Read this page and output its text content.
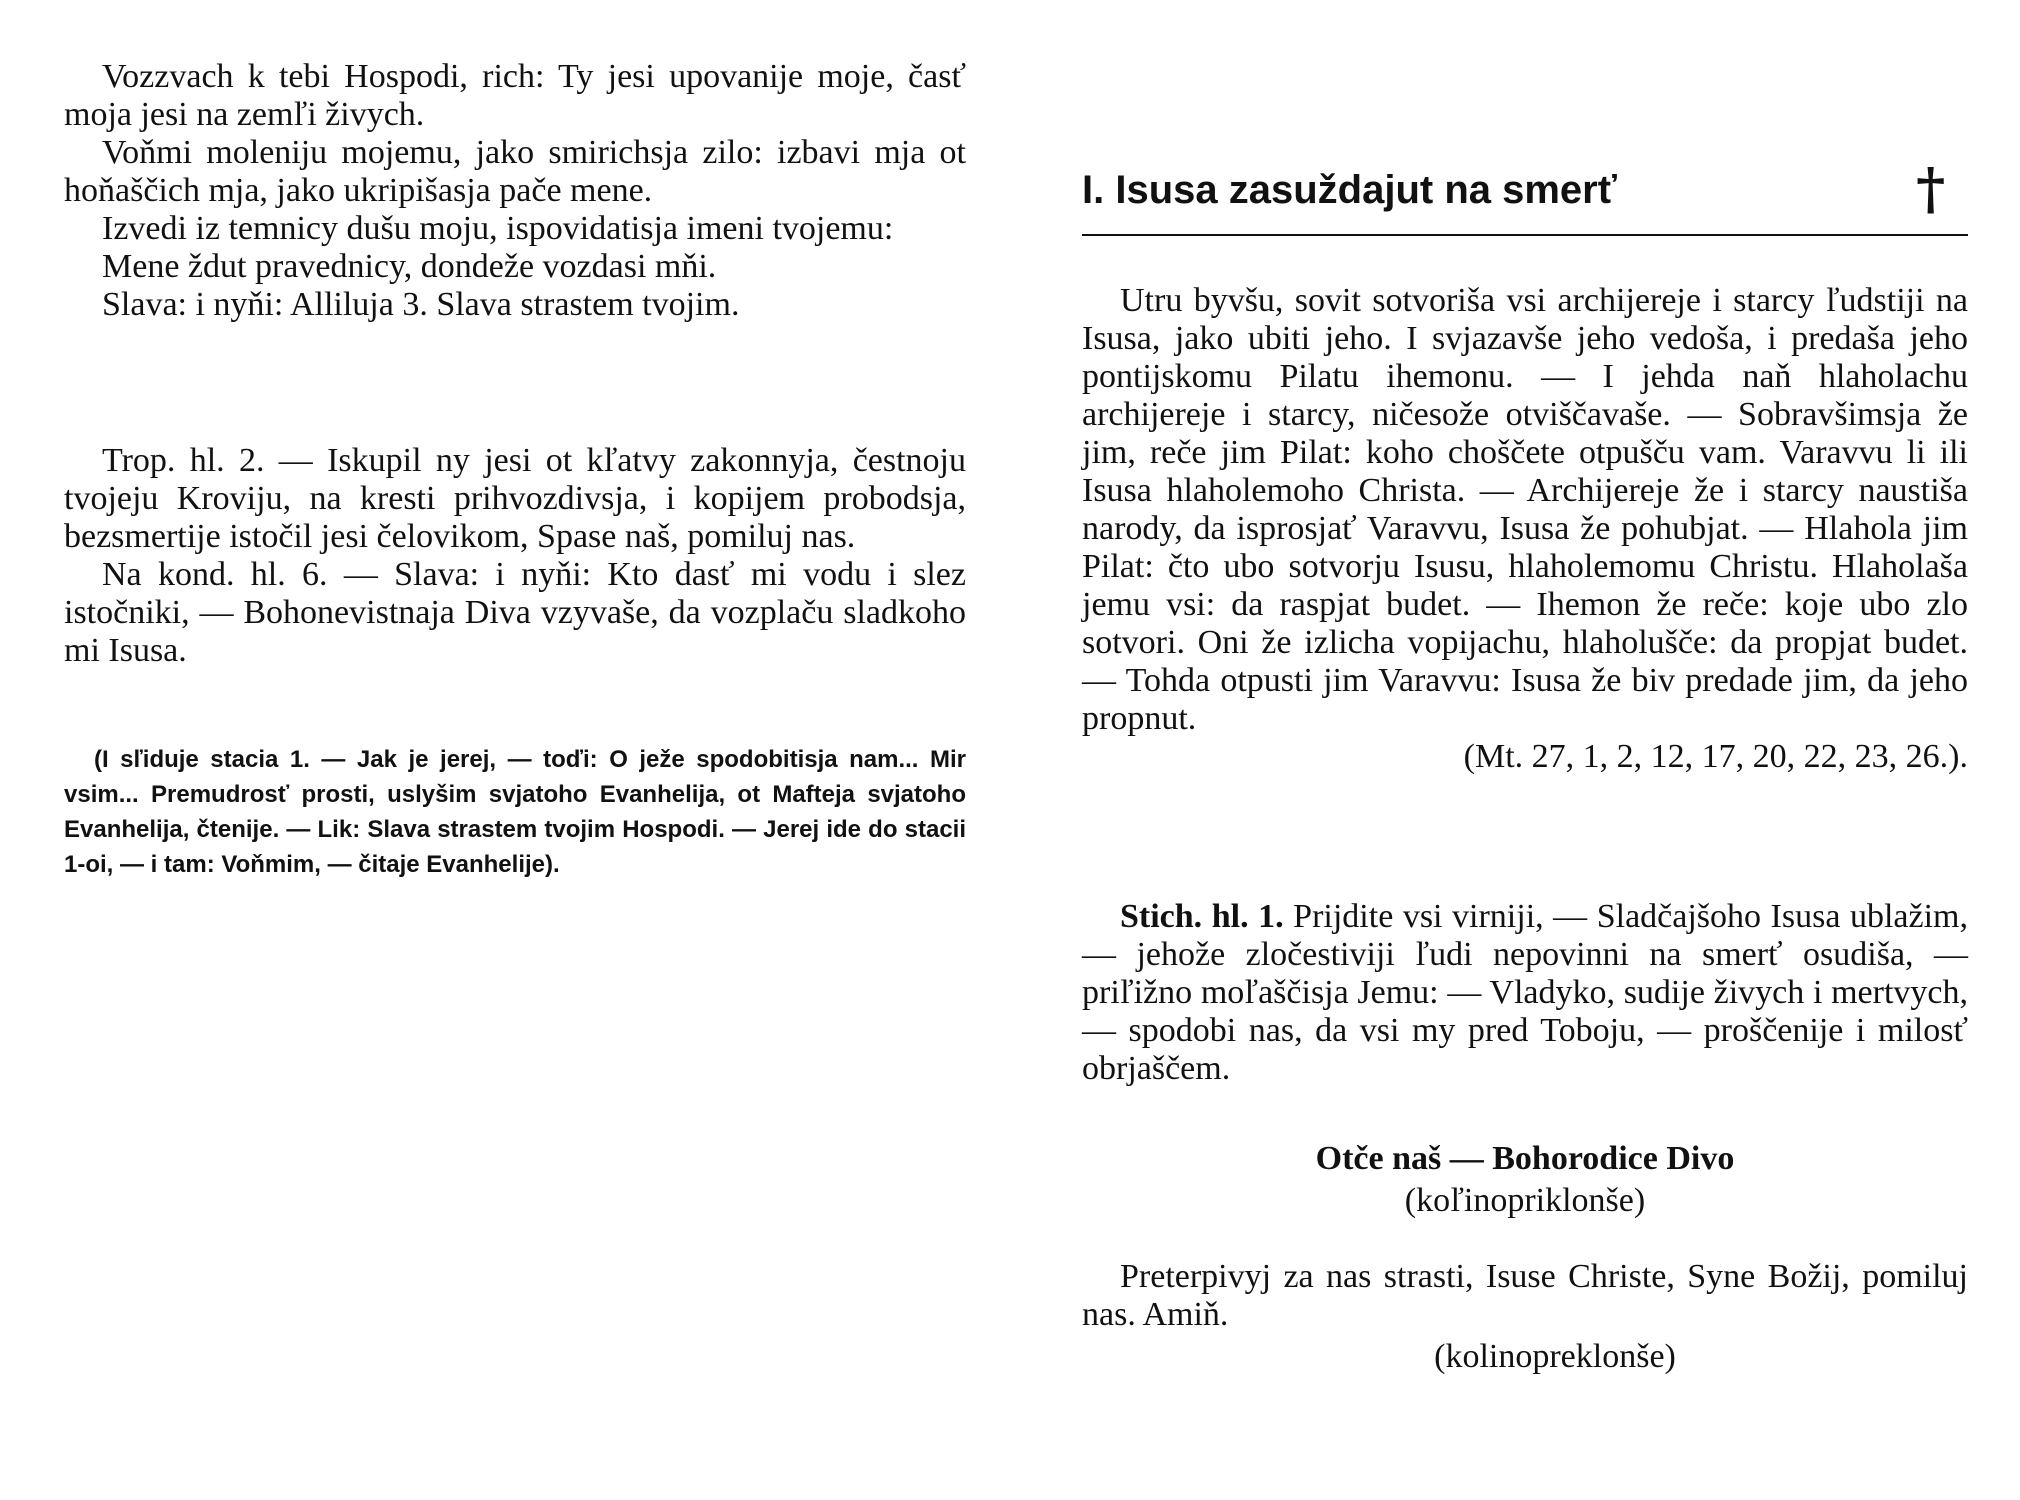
Vozzvach k tebi Hospodi, rich: Ty jesi upovanije moje, časť moja jesi na zemľi živych.

Voňmi moleniju mojemu, jako smirichsja zilo: izbavi mja ot hoňaščich mja, jako ukripišasja pače mene.

Izvedi iz temnicy dušu moju, ispovidatisja imeni tvojemu:

Mene ždut pravednicy, dondeže vozdasi mňi.

Slava: i nyňi: Alliluja 3. Slava strastem tvojim.

Trop. hl. 2. — Iskupil ny jesi ot kľatvy zakonnyja, čestnoju tvojeju Kroviju, na kresti prihvozdivsja, i kopijem probodsja, bezsmertije istočil jesi čelovikom, Spase naš, pomiluj nas.

Na kond. hl. 6. — Slava: i nyňi: Kto dasť mi vodu i slez istočniki, — Bohonevistnaja Diva vzyvaše, da vozplaču sladkoho mi Isusa.

(I sľiduje stacia 1. — Jak je jerej, — toďi: O ježe spodobitisja nam... Mir vsim... Premudrosť prosti, uslyšim svjatoho Evanhelija, ot Mafteja svjatoho Evanhelija, čtenije. — Lik: Slava strastem tvojim Hospodi. — Jerej ide do stacii 1-oi, — i tam: Voňmim, — čitaje Evanhelije).

I. Isusa zasuždajut na smerť	†

Utru byvšu, sovit sotvoriša vsi archijereje i starcy ľudstiji na Isusa, jako ubiti jeho. I svjazavše jeho vedoša, i predaša jeho pontijskomu Pilatu ihemonu. — I jehda naň hlaholachu archijereje i starcy, ničesože otviščavaše. — Sobravšimsja že jim, reče jim Pilat: koho choščete otpušču vam. Varavvu li ili Isusa hlaholemoho Christa. — Archijereje že i starcy naustiša narody, da isprosjať Varavvu, Isusa že pohubjat. — Hlahola jim Pilat: čto ubo sotvorju Isusu, hlaholemomu Christu. Hlaholaša jemu vsi: da raspjat budet. — Ihemon že reče: koje ubo zlo sotvori. Oni že izlicha vopijachu, hlaholušče: da propjat budet. — Tohda otpusti jim Varavvu: Isusa že biv predade jim, da jeho propnut.

(Mt. 27, 1, 2, 12, 17, 20, 22, 23, 26.).

Stich. hl. 1. Prijdite vsi virniji, — Sladčajšoho Isusa ublažim, — jehože zločestiviji ľudi nepovinni na smerť osudiša, — priľižno moľaščisja Jemu: — Vladyko, sudije živych i mertvych, — spodobi nas, da vsi my pred Toboju, — proščenije i milosť obrjaščem.

Otče naš — Bohorodice Divo

(koľinopriklonše)

Preterpivyj za nas strasti, Isuse Christe, Syne Božij, pomiluj nas. Amiň.

(kolinopreklonše)
